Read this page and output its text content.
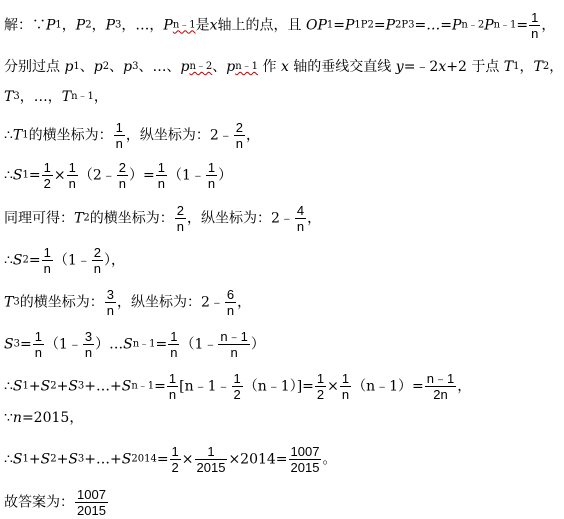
解：∵P1，P2，P3，…，Pn﹣1是x轴上的点，且 OP1=P1P2=P2P3=…=Pn﹣2Pn﹣1= $\frac{1}{n}$ ，
分别过点 p1、p2、p3、…、pn﹣2、pn﹣1 作 x 轴的垂线交直线 y=﹣2x+2 于点 T1，T2，
T3，…，Tn﹣1，
∴T1的横坐标为： $\frac{1}{n}$ ，纵坐标为：2﹣ $\frac{2}{n}$ ，
∴S1= $\frac{1}{2} \times \frac{1}{n}$ （2﹣ $\frac{2}{n}$ ）= $\frac{1}{n}$ （1﹣ $\frac{1}{n}$ ）
同理可得：T2的横坐标为： $\frac{2}{n}$ ，纵坐标为：2﹣ $\frac{4}{n}$ ，
∴S2= $\frac{1}{n}$ （1﹣ $\frac{2}{n}$ ），
T3的横坐标为： $\frac{3}{n}$ ，纵坐标为：2﹣ $\frac{6}{n}$ ，
$S3= \frac{1}{n}$ （1﹣ $\frac{3}{n}$ ）…Sn﹣1= $\frac{1}{n}$ （1﹣ $\frac{n﹣1}{n}$ ）
∴S1+S2+S3+…+Sn﹣1= $\frac{1}{n}$ [n﹣1﹣ $\frac{1}{2}$ （n﹣1）]= $\frac{1}{2} \times \frac{1}{n}$ （n﹣1）= $\frac{n﹣1}{2n}$ ，
∵n=2015，
∴S1+S2+S3+…+S2014= $\frac{1}{2} \times \frac{1}{2015} \times 2014= \frac{1007}{2015}$ 。
故答案为： $\frac{1007}{2015}$
